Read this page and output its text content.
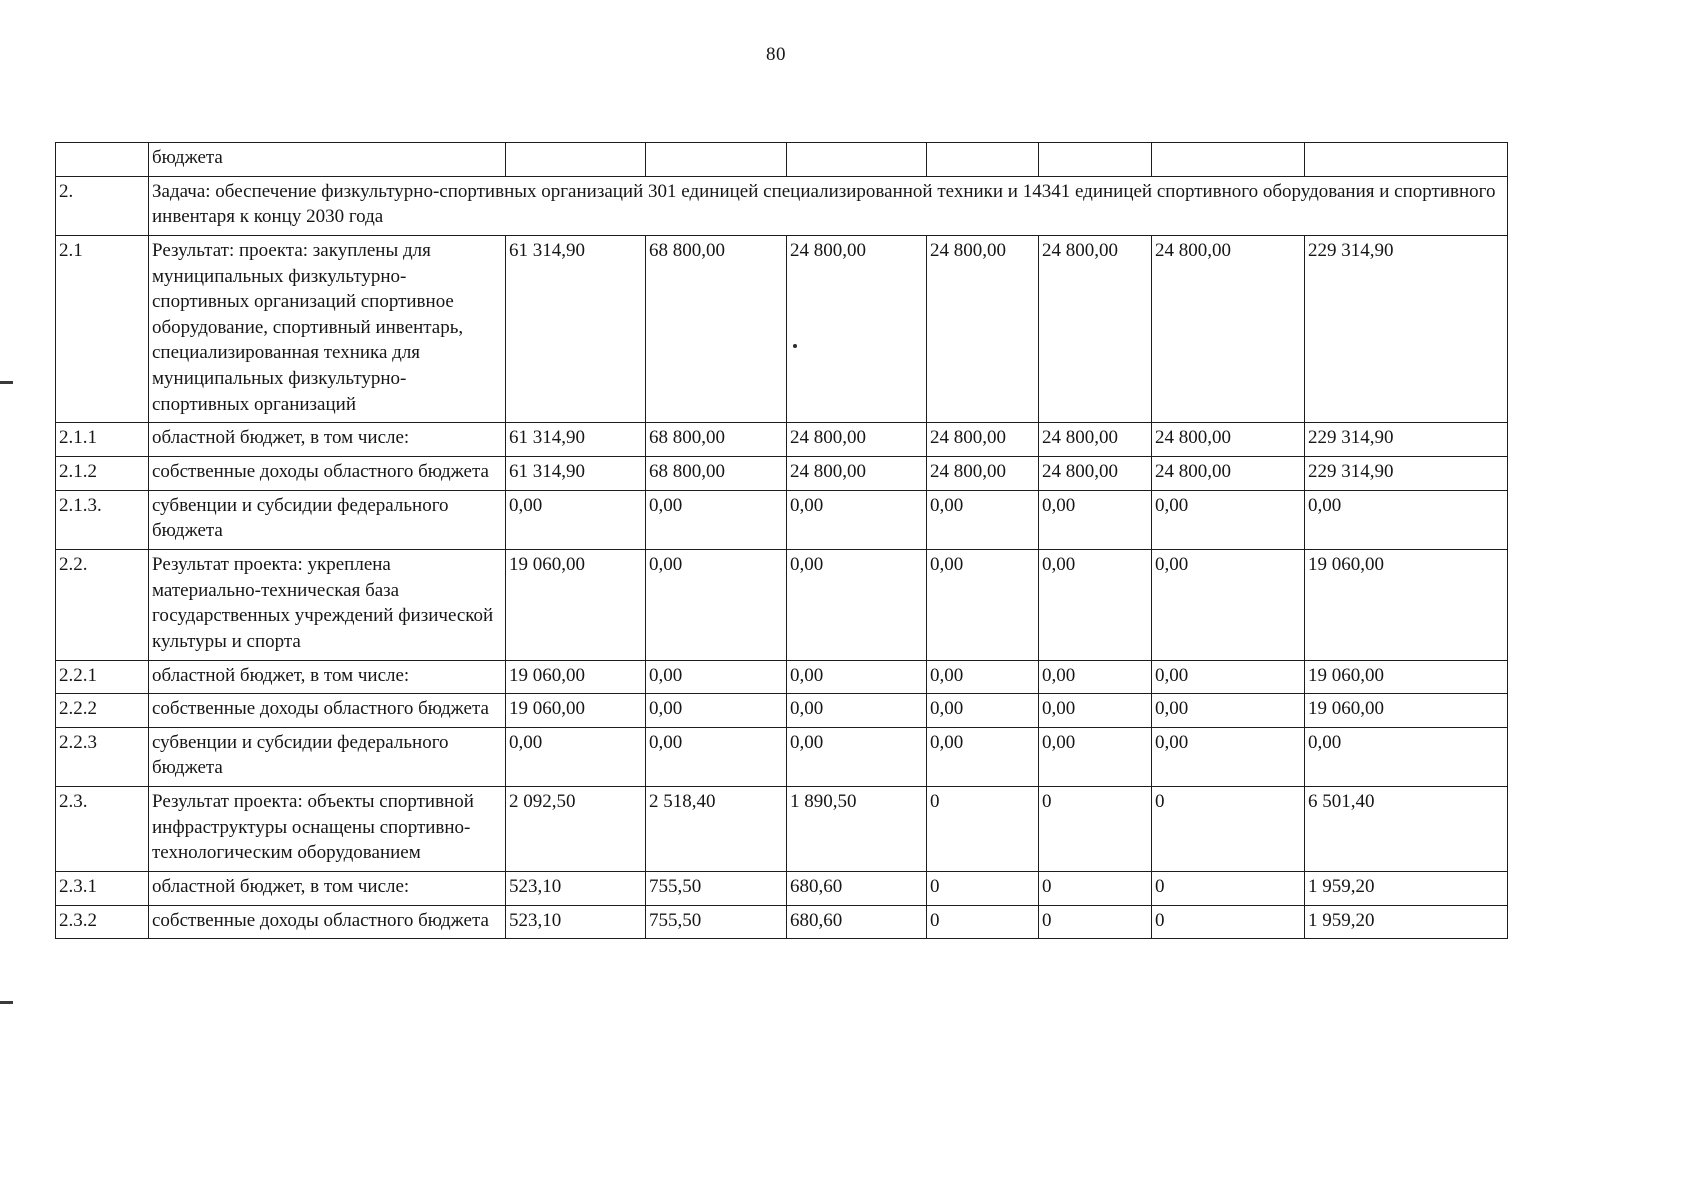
80
	бюджета							
2.	Задача: обеспечение физкультурно-спортивных организаций 301 единицей специализированной техники и 14341 единицей спортивного оборудования и спортивного инвентаря к концу 2030 года							
2.1	Результат: проекта: закуплены для муниципальных физкультурно-спортивных организаций спортивное оборудование, спортивный инвентарь, специализированная техника для муниципальных физкультурно-спортивных организаций	61 314,90	68 800,00	24 800,00	24 800,00	24 800,00	24 800,00	229 314,90
2.1.1	областной бюджет, в том числе:	61 314,90	68 800,00	24 800,00	24 800,00	24 800,00	24 800,00	229 314,90
2.1.2	собственные доходы областного бюджета	61 314,90	68 800,00	24 800,00	24 800,00	24 800,00	24 800,00	229 314,90
2.1.3.	субвенции и субсидии федерального бюджета	0,00	0,00	0,00	0,00	0,00	0,00	0,00
2.2.	Результат проекта: укреплена материально-техническая база государственных учреждений физической культуры и спорта	19 060,00	0,00	0,00	0,00	0,00	0,00	19 060,00
2.2.1	областной бюджет, в том числе:	19 060,00	0,00	0,00	0,00	0,00	0,00	19 060,00
2.2.2	собственные доходы областного бюджета	19 060,00	0,00	0,00	0,00	0,00	0,00	19 060,00
2.2.3	субвенции и субсидии федерального бюджета	0,00	0,00	0,00	0,00	0,00	0,00	0,00
2.3.	Результат проекта: объекты спортивной инфраструктуры оснащены спортивно-технологическим оборудованием	2 092,50	2 518,40	1 890,50	0	0	0	6 501,40
2.3.1	областной бюджет, в том числе:	523,10	755,50	680,60	0	0	0	1 959,20
2.3.2	собственные доходы областного бюджета	523,10	755,50	680,60	0	0	0	1 959,20
